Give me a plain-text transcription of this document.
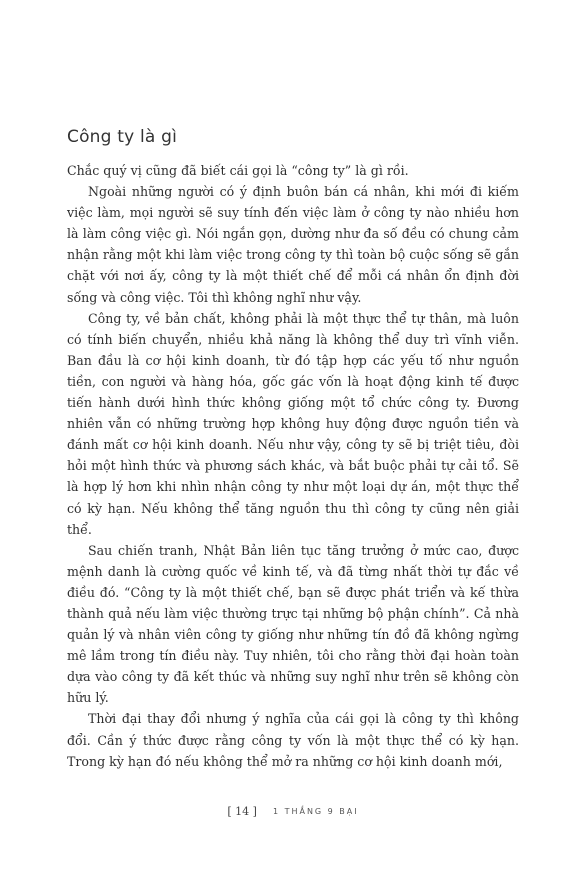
Công ty là gì

Chắc quý vị cũng đã biết cái gọi là “công ty” là gì rồi.

Ngoài những người có ý định buôn bán cá nhân, khi mới đi kiếm việc làm, mọi người sẽ suy tính đến việc làm ở công ty nào nhiều hơn là làm công việc gì. Nói ngắn gọn, dường như đa số đều có chung cảm nhận rằng một khi làm việc trong công ty thì toàn bộ cuộc sống sẽ gắn chặt với nơi ấy, công ty là một thiết chế để mỗi cá nhân ổn định đời sống và công việc. Tôi thì không nghĩ như vậy.

Công ty, về bản chất, không phải là một thực thể tự thân, mà luôn có tính biến chuyển, nhiều khả năng là không thể duy trì vĩnh viễn. Ban đầu là cơ hội kinh doanh, từ đó tập hợp các yếu tố như nguồn tiền, con người và hàng hóa, gốc gác vốn là hoạt động kinh tế được tiến hành dưới hình thức không giống một tổ chức công ty. Đương nhiên vẫn có những trường hợp không huy động được nguồn tiền và đánh mất cơ hội kinh doanh. Nếu như vậy, công ty sẽ bị triệt tiêu, đòi hỏi một hình thức và phương sách khác, và bắt buộc phải tự cải tổ. Sẽ là hợp lý hơn khi nhìn nhận công ty như một loại dự án, một thực thể có kỳ hạn. Nếu không thể tăng nguồn thu thì công ty cũng nên giải thể.

Sau chiến tranh, Nhật Bản liên tục tăng trưởng ở mức cao, được mệnh danh là cường quốc về kinh tế, và đã từng nhất thời tự đắc về điều đó. “Công ty là một thiết chế, bạn sẽ được phát triển và kế thừa thành quả nếu làm việc thường trực tại những bộ phận chính”. Cả nhà quản lý và nhân viên công ty giống như những tín đồ đã không ngừng mê lầm trong tín điều này. Tuy nhiên, tôi cho rằng thời đại hoàn toàn dựa vào công ty đã kết thúc và những suy nghĩ như trên sẽ không còn hữu lý.

Thời đại thay đổi nhưng ý nghĩa của cái gọi là công ty thì không đổi. Cần ý thức được rằng công ty vốn là một thực thể có kỳ hạn. Trong kỳ hạn đó nếu không thể mở ra những cơ hội kinh doanh mới,

[ 14 ] 1 THẮNG 9 BẠI
